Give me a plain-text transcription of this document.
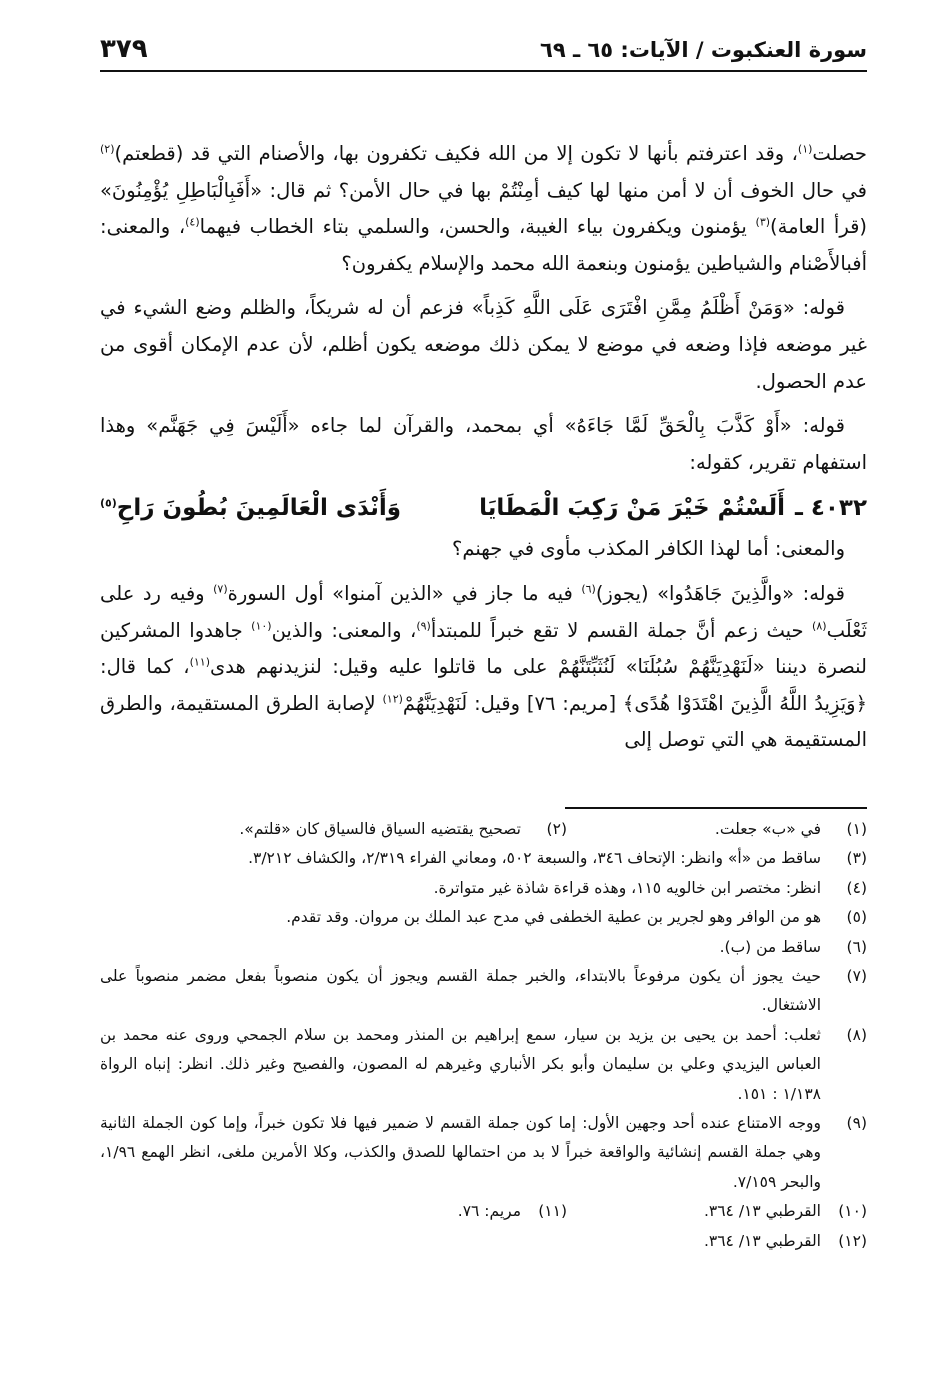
سورة العنكبوت / الآيات: ٦٥ ـ ٦٩
٣٧٩

حصلت$^{(١)}$، وقد اعترفتم بأنها لا تكون إلا من الله فكيف تكفرون بها، والأصنام التي قد (قطعتم)$^{(٢)}$ في حال الخوف أن لا أمن منها لها كيف أمِنْتُمْ بها في حال الأمن؟ ثم قال: «أَفَبِالْبَاطِلِ يُؤْمِنُونَ» (قرأ العامة)$^{(٣)}$ يؤمنون ويكفرون بياء الغيبة، والحسن، والسلمي بتاء الخطاب فيهما$^{(٤)}$، والمعنى: أفبالأَصْنام والشياطين يؤمنون وبنعمة الله محمد والإسلام يكفرون؟

قوله: «وَمَنْ أَظْلَمُ مِمَّنِ افْتَرَى عَلَى اللَّهِ كَذِباً» فزعم أن له شريكاً، والظلم وضع الشيء في غير موضعه فإذا وضعه في موضع لا يمكن ذلك موضعه يكون أظلم، لأن عدم الإمكان أقوى من عدم الحصول.

قوله: «أَوْ كَذَّبَ بِالْحَقِّ لَمَّا جَاءَهُ» أي بمحمد، والقرآن لما جاءه «أَلَيْسَ فِي جَهَنَّم» وهذا استفهام تقرير، كقوله:

٤٠٣٢ ـ
أَلَسْتُمْ خَيْرَ مَنْ رَكِبَ الْمَطَايَا
وَأَنْدَى الْعَالَمِينَ بُطُونَ رَاحِ$^{(٥)}$

والمعنى: أما لهذا الكافر المكذب مأوى في جهنم؟

قوله: «والَّذِينَ جَاهَدُوا» (يجوز)$^{(٦)}$ فيه ما جاز في «الذين آمنوا» أول السورة$^{(٧)}$ وفيه رد على ثَعْلَب$^{(٨)}$ حيث زعم أنَّ جملة القسم لا تقع خبراً للمبتدأ$^{(٩)}$، والمعنى: والذين$^{(١٠)}$ جاهدوا المشركين لنصرة ديننا «لَنَهْدِيَنَّهُمْ سُبُلَنَا» لَنُثَبِّتَنَّهُمْ على ما قاتلوا عليه وقيل: لنزيدنهم هدى$^{(١١)}$، كما قال: ﴿وَيَزِيدُ اللَّهُ الَّذِينَ اهْتَدَوْا هُدًى﴾ [مريم: ٧٦] وقيل: لَنَهْدِيَنَّهُمْ$^{(١٢)}$ لإصابة الطرق المستقيمة، والطرق المستقيمة هي التي توصل إلى

(١)
في «ب» جعلت.
(٢)
تصحيح يقتضيه السياق فالسياق كان «قلتم».
(٣)
ساقط من «أ» وانظر: الإتحاف ٣٤٦، والسبعة ٥٠٢، ومعاني الفراء ٢/٣١٩، والكشاف ٣/٢١٢.
(٤)
انظر: مختصر ابن خالويه ١١٥، وهذه قراءة شاذة غير متواترة.
(٥)
هو من الوافر وهو لجرير بن عطية الخطفى في مدح عبد الملك بن مروان. وقد تقدم.
(٦)
ساقط من (ب).
(٧)
حيث يجوز أن يكون مرفوعاً بالابتداء، والخبر جملة القسم ويجوز أن يكون منصوباً بفعل مضمر منصوباً على الاشتغال.
(٨)
ثعلب: أحمد بن يحيى بن يزيد بن سيار، سمع إبراهيم بن المنذر ومحمد بن سلام الجمحي وروى عنه محمد بن العباس اليزيدي وعلي بن سليمان وأبو بكر الأنباري وغيرهم له المصون، والفصيح وغير ذلك. انظر: إنباه الرواة ١/١٣٨ : ١٥١.
(٩)
ووجه الامتناع عنده أحد وجهين الأول: إما كون جملة القسم لا ضمير فيها فلا تكون خبراً، وإما كون الجملة الثانية وهي جملة القسم إنشائية والواقعة خبراً لا بد من احتمالها للصدق والكذب، وكلا الأمرين ملغى، انظر الهمع ١/٩٦، والبحر ٧/١٥٩.
(١٠)
القرطبي ١٣/ ٣٦٤.
(١١)
مريم: ٧٦.
(١٢)
القرطبي ١٣/ ٣٦٤.
